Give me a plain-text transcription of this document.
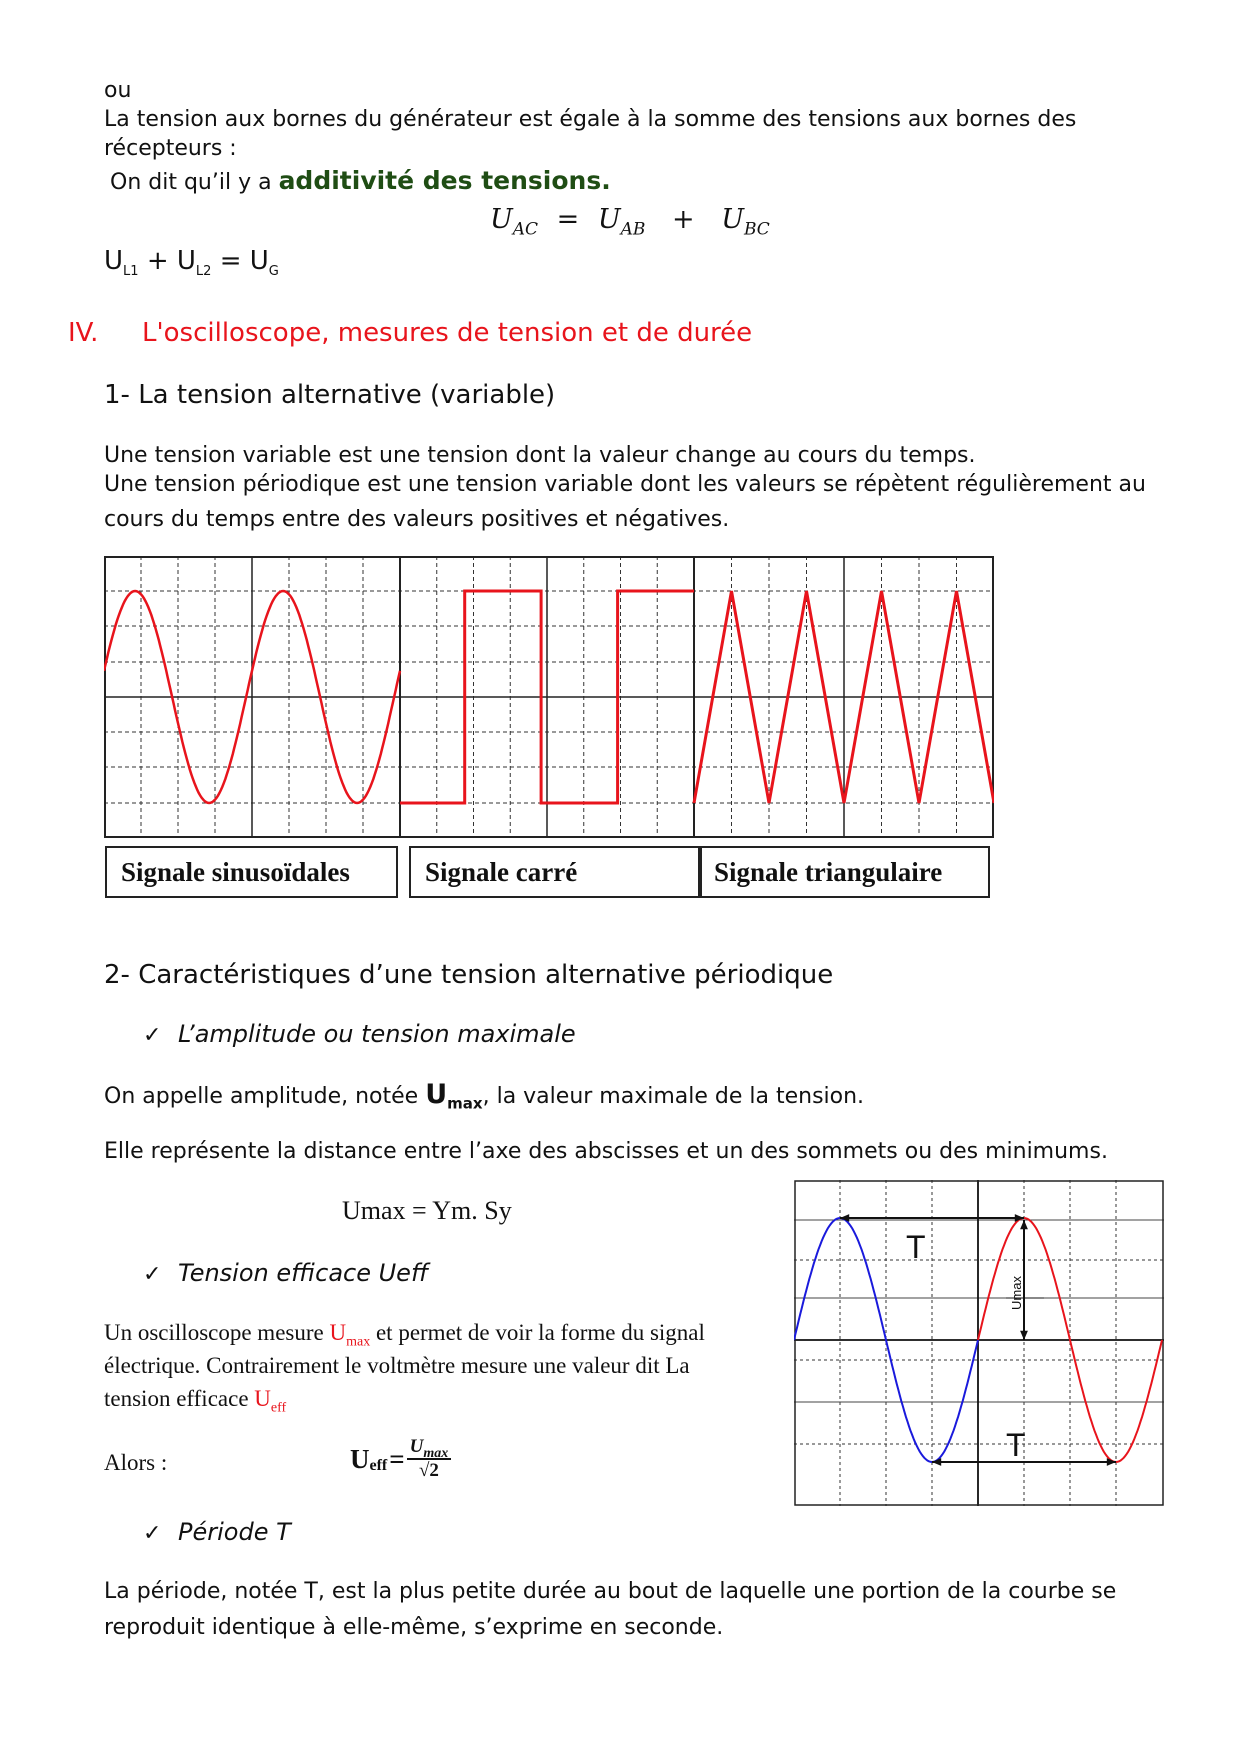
ou
La tension aux bornes du générateur est égale à la somme des tensions aux bornes des
récepteurs :
On dit qu’il y a additivité des tensions.
$U_{AC} = U_{AB} + U_{BC}$
$U_{L1} + U_{L2} = U_G$
IV. L'oscilloscope, mesures de tension et de durée
1- La tension alternative (variable)
Une tension variable est une tension dont la valeur change au cours du temps.
Une tension périodique est une tension variable dont les valeurs se répètent régulièrement au
cours du temps entre des valeurs positives et négatives.
Signale sinusoïdales	Signale carré	Signale triangulaire
2- Caractéristiques d’une tension alternative périodique
✓ L’amplitude ou tension maximale
On appelle amplitude, notée $U_{max}$, la valeur maximale de la tension.
Elle représente la distance entre l’axe des abscisses et un des sommets ou des minimums.
Umax = Ym. Sy
✓ Tension efficace Ueff
Un oscilloscope mesure $U_{max}$ et permet de voir la forme du signal
électrique. Contrairement le voltmètre mesure une valeur dit La
tension efficace $U_{eff}$
Alors :	U eff = $U_{max}$
√2
✓ Période T
La période, notée T, est la plus petite durée au bout de laquelle une portion de la courbe se
reproduit identique à elle-même, s’exprime en seconde.
T
T
Umax
